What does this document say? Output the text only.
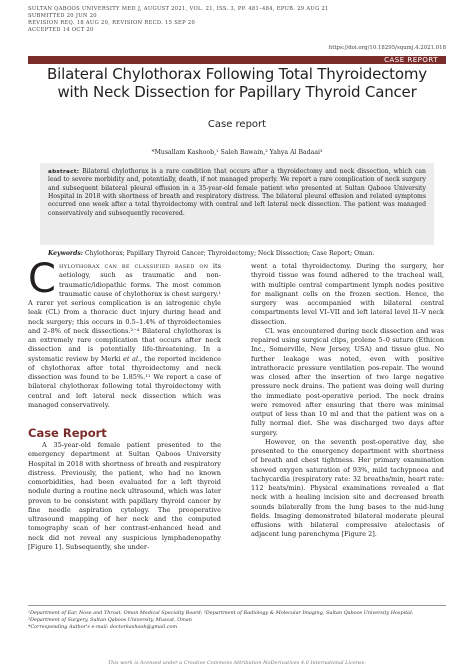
SULTAN QABOOS UNIVERSITY MED J, AUGUST 2021, VOL. 21, ISS. 3, PP. 481–484, EPUB. 29 AUG 21
SUBMITTED 20 JUN 20
REVISION REQ. 18 AUG 20, REVISION RECD. 15 SEP 20
ACCEPTED 14 OCT 20
https://doi.org/10.18295/squmj.4.2021.018
CASE REPORT
Bilateral Chylothorax Following Total Thyroidectomy with Neck Dissection for Papillary Thyroid Cancer
Case report
*Musallam Kashoob,¹ Saleh Bawain,² Yahya Al Badaai³
abstract: Bilateral chylothorax is a rare condition that occurs after a thyroidectomy and neck dissection, which can lead to severe morbidity and, potentially, death, if not managed properly. We report a rare complication of neck surgery and subsequent bilateral pleural effusion in a 35-year-old female patient who presented at Sultan Qaboos University Hospital in 2018 with shortness of breath and respiratory distress. The bilateral pleural effusion and related symptoms occurred one week after a total thyroidectomy with central and left lateral neck dissection. The patient was managed conservatively and subsequently recovered.
Keywords: Chylothorax; Papillary Thyroid Cancer; Thyroidectomy; Neck Dissection; Case Report; Oman.

Chylothorax can be classified based on its aetiology, such as traumatic and non-traumatic/idiopathic forms. The most common traumatic cause of chylothorax is chest surgery.¹ A rarer yet serious complication is an iatrogenic chyle leak (CL) from a thoracic duct injury during head and neck surgery; this occurs in 0.5–1.4% of thyroidectomies and 2–8% of neck dissections.²⁻⁴ Bilateral chylothorax is an extremely rare complication that occurs after neck dissection and is potentially life-threatening. In a systematic review by Merki et al., the reported incidence of chylothorax after total thyroidectomy and neck dissection was found to be 1.85%.¹¹ We report a case of bilateral chylothorax following total thyroidectomy with central and left lateral neck dissection which was managed conservatively.

Case Report

A 35-year-old female patient presented to the emergency department at Sultan Qaboos University Hospital in 2018 with shortness of breath and respiratory distress. Previously, the patient, who had no known comorbidities, had been evaluated for a left thyroid nodule during a routine neck ultrasound, which was later proven to be consistent with papillary thyroid cancer by fine needle aspiration cytology. The preoperative ultrasound mapping of her neck and the computed tomography scan of her contrast-enhanced head and neck did not reveal any suspicious lymphadenopathy [Figure 1]. Subsequently, she under-

went a total thyroidectomy. During the surgery, her thyroid tissue was found adhered to the tracheal wall, with multiple central compartment lymph nodes positive for malignant cells on the frozen section. Hence, the surgery was accompanied with bilateral central compartments level VI–VII and left lateral level II–V neck dissection.

CL was encountered during neck dissection and was repaired using surgical clips, prolene 5–0 suture (Ethicon Inc., Somerville, New Jersey, USA) and tissue glue. No further leakage was noted, even with positive intrathoracic pressure ventilation pos-repair. The wound was closed after the insertion of two large negative pressure neck drains. The patient was doing well during the immediate post-operative period. The neck drains were removed after ensuring that there was minimal output of less than 10 ml and that the patient was on a fully normal diet. She was discharged two days after surgery.

However, on the seventh post-operative day, she presented to the emergency department with shortness of breath and chest tightness. Her primary examination showed oxygen saturation of 93%, mild tachypnoea and tachycardia (respiratory rate: 32 breaths/min, heart rate: 112 beats/min). Physical examinations revealed a flat neck with a healing incision site and decreased breath sounds bilaterally from the lung bases to the mid-lung fields. Imaging demonstrated bilateral moderate pleural effusions with bilateral compressive atelectasis of adjacent lung parenchyma [Figure 2].

¹Department of Ear, Nose and Throat, Oman Medical Specialty Board; ²Department of Radiology & Molecular Imaging, Sultan Qaboos University Hospital;
³Department of Surgery, Sultan Qaboos University, Muscat, Oman
*Corresponding Author's e-mail: doctorkashoob@gmail.com
This work is licensed under a Creative Commons Attribution-NoDerivatives 4.0 International License.
